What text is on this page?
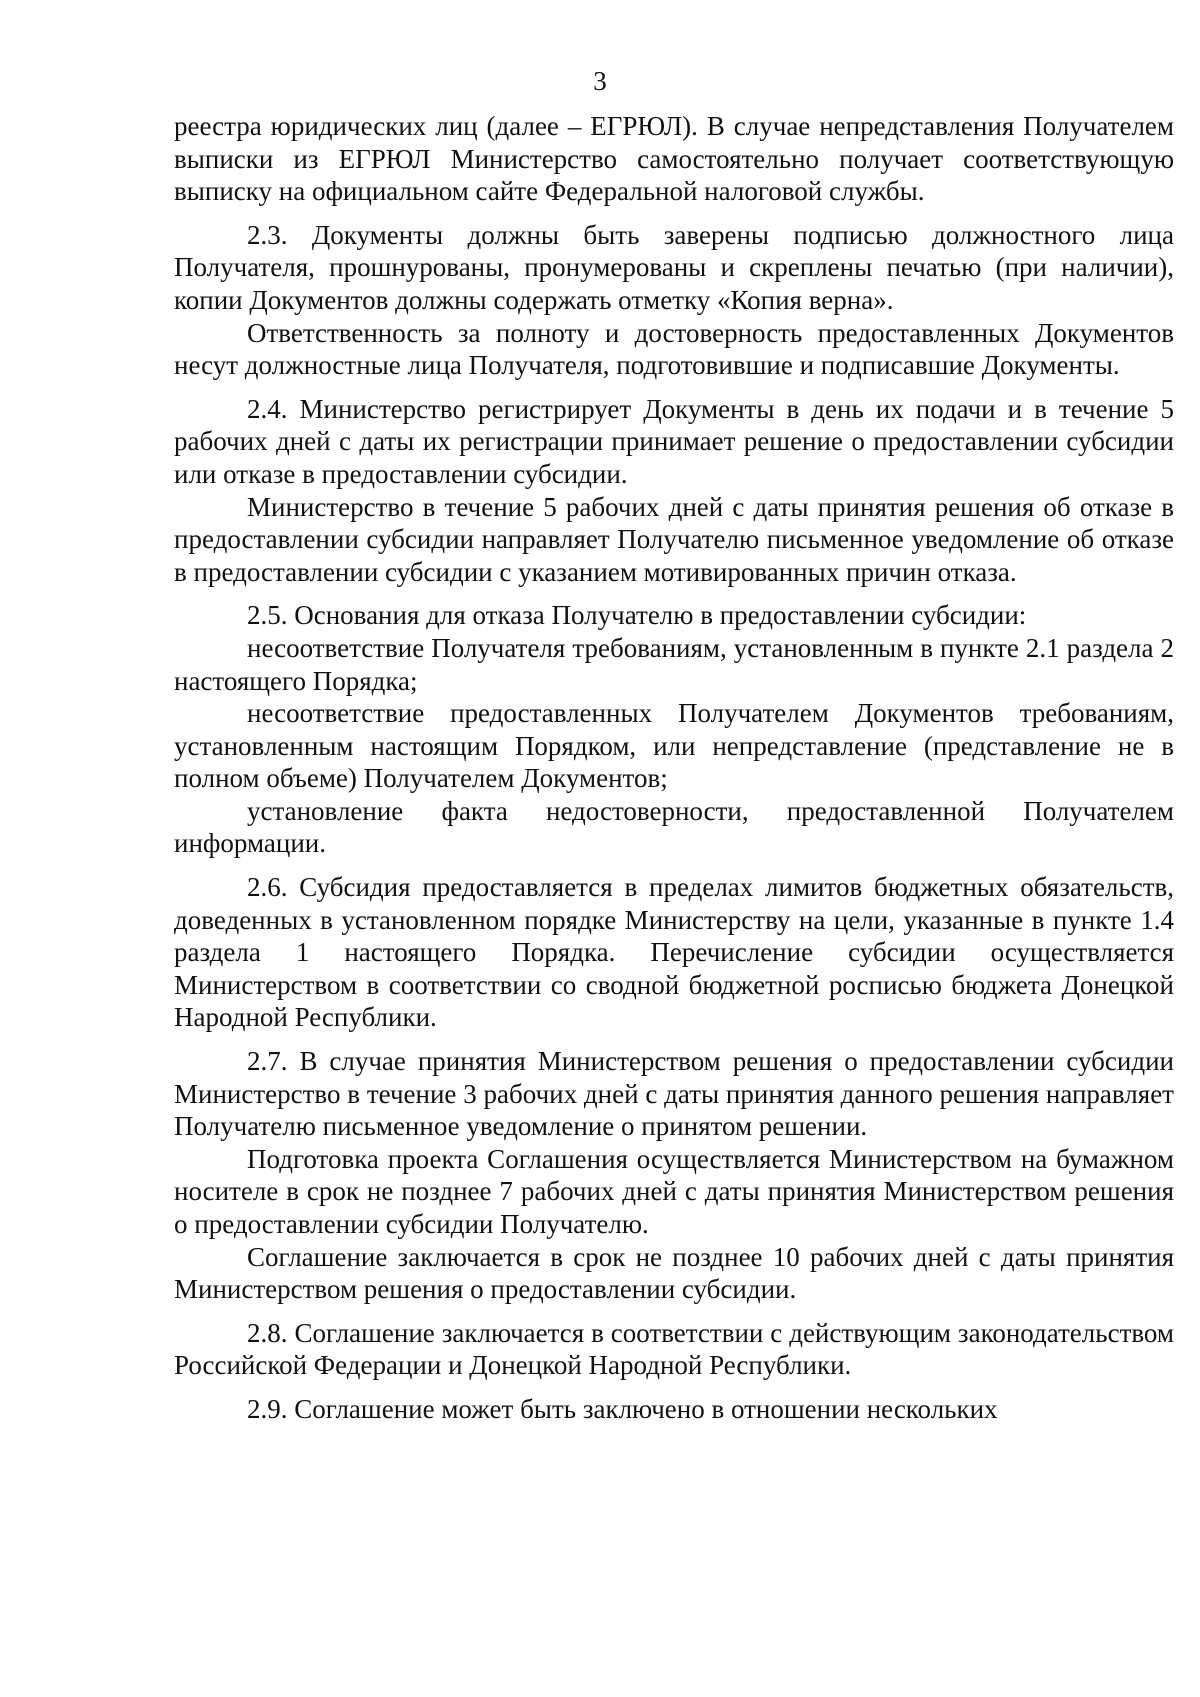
3

реестра юридических лиц (далее – ЕГРЮЛ). В случае непредставления Получателем выписки из ЕГРЮЛ Министерство самостоятельно получает соответствующую выписку на официальном сайте Федеральной налоговой службы.

2.3. Документы должны быть заверены подписью должностного лица Получателя, прошнурованы, пронумерованы и скреплены печатью (при наличии), копии Документов должны содержать отметку «Копия верна».

Ответственность за полноту и достоверность предоставленных Документов несут должностные лица Получателя, подготовившие и подписавшие Документы.

2.4. Министерство регистрирует Документы в день их подачи и в течение 5 рабочих дней с даты их регистрации принимает решение о предоставлении субсидии или отказе в предоставлении субсидии.

Министерство в течение 5 рабочих дней с даты принятия решения об отказе в предоставлении субсидии направляет Получателю письменное уведомление об отказе в предоставлении субсидии с указанием мотивированных причин отказа.

2.5. Основания для отказа Получателю в предоставлении субсидии:

несоответствие Получателя требованиям, установленным в пункте 2.1 раздела 2 настоящего Порядка;

несоответствие предоставленных Получателем Документов требованиям, установленным настоящим Порядком, или непредставление (представление не в полном объеме) Получателем Документов;

установление факта недостоверности, предоставленной Получателем информации.

2.6. Субсидия предоставляется в пределах лимитов бюджетных обязательств, доведенных в установленном порядке Министерству на цели, указанные в пункте 1.4 раздела 1 настоящего Порядка. Перечисление субсидии осуществляется Министерством в соответствии со сводной бюджетной росписью бюджета Донецкой Народной Республики.

2.7. В случае принятия Министерством решения о предоставлении субсидии Министерство в течение 3 рабочих дней с даты принятия данного решения направляет Получателю письменное уведомление о принятом решении.

Подготовка проекта Соглашения осуществляется Министерством на бумажном носителе в срок не позднее 7 рабочих дней с даты принятия Министерством решения о предоставлении субсидии Получателю.

Соглашение заключается в срок не позднее 10 рабочих дней с даты принятия Министерством решения о предоставлении субсидии.

2.8. Соглашение заключается в соответствии с действующим законодательством Российской Федерации и Донецкой Народной Республики.

2.9. Соглашение может быть заключено в отношении нескольких
